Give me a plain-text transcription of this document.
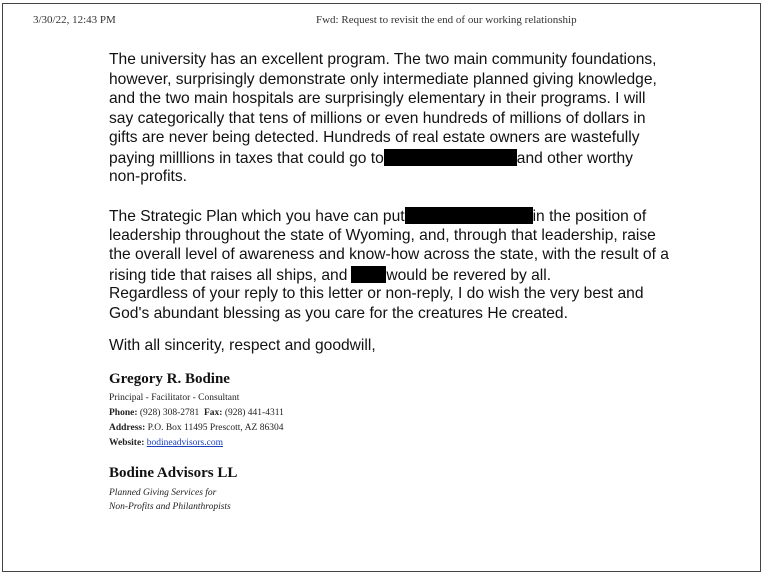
3/30/22, 12:43 PM	Fwd: Request to revisit the end of our working relationship
The university has an excellent program. The two main community foundations,
however, surprisingly demonstrate only intermediate planned giving knowledge,
and the two main hospitals are surprisingly elementary in their programs. I will
say categorically that tens of millions or even hundreds of millions of dollars in
gifts are never being detected. Hundreds of real estate owners are wastefully
paying milllions in taxes that could go to	and other worthy
non-profits.
The Strategic Plan which you have can put	in the position of
leadership throughout the state of Wyoming, and, through that leadership, raise
the overall level of awareness and know-how across the state, with the result of a
rising tide that raises all ships, and	would be revered by all.
Regardless of your reply to this letter or non-reply, I do wish the very best and
God's abundant blessing as you care for the creatures He created.
With all sincerity, respect and goodwill,
Gregory R. Bodine
Principal - Facilitator - Consultant
Phone: (928) 308-2781 Fax: (928) 441-4311
Address: P.O. Box 11495 Prescott, AZ 86304
Website: bodineadvisors.com
Bodine Advisors LL
Planned Giving Services for
Non-Profits and Philanthropists
